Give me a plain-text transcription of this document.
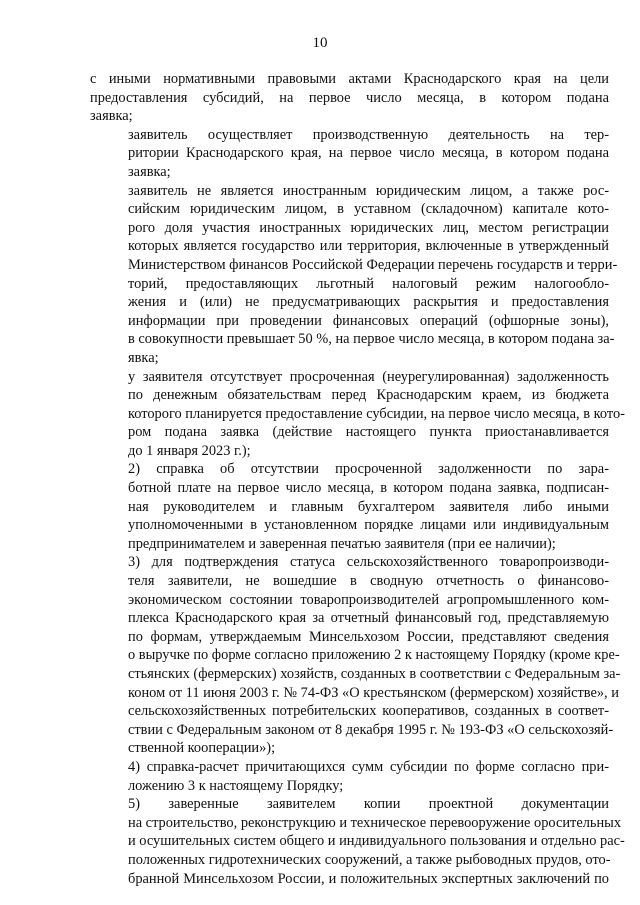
10

с иными нормативными правовыми актами Краснодарского края на цели
предоставления субсидий, на первое число месяца, в котором подана
заявка;

заявитель осуществляет производственную деятельность на тер-
ритории Краснодарского края, на первое число месяца, в котором подана
заявка;

заявитель не является иностранным юридическим лицом, а также рос-
сийским юридическим лицом, в уставном (складочном) капитале кото-
рого доля участия иностранных юридических лиц, местом регистрации
которых является государство или территория, включенные в утвержденный
Министерством финансов Российской Федерации перечень государств и терри-
торий, предоставляющих льготный налоговый режим налогообло-
жения и (или) не предусматривающих раскрытия и предоставления
информации при проведении финансовых операций (офшорные зоны),
в совокупности превышает 50 %, на первое число месяца, в котором подана за-
явка;

у заявителя отсутствует просроченная (неурегулированная) задолженность
по денежным обязательствам перед Краснодарским краем, из бюджета
которого планируется предоставление субсидии, на первое число месяца, в кото-
ром подана заявка (действие настоящего пункта приостанавливается
до 1 января 2023 г.);

2) справка об отсутствии просроченной задолженности по зара-
ботной плате на первое число месяца, в котором подана заявка, подписан-
ная руководителем и главным бухгалтером заявителя либо иными
уполномоченными в установленном порядке лицами или индивидуальным
предпринимателем и заверенная печатью заявителя (при ее наличии);

3) для подтверждения статуса сельскохозяйственного товаропроизводи-
теля заявители, не вошедшие в сводную отчетность о финансово-
экономическом состоянии товаропроизводителей агропромышленного ком-
плекса Краснодарского края за отчетный финансовый год, представляемую
по формам, утверждаемым Минсельхозом России, представляют сведения
о выручке по форме согласно приложению 2 к настоящему Порядку (кроме кре-
стьянских (фермерских) хозяйств, созданных в соответствии с Федеральным за-
коном от 11 июня 2003 г. № 74-ФЗ «О крестьянском (фермерском) хозяйстве», и
сельскохозяйственных потребительских кооперативов, созданных в соответ-
ствии с Федеральным законом от 8 декабря 1995 г. № 193-ФЗ «О сельскохозяй-
ственной кооперации»);

4) справка-расчет причитающихся сумм субсидии по форме согласно при-
ложению 3 к настоящему Порядку;

5) заверенные заявителем копии проектной документации
на строительство, реконструкцию и техническое перевооружение оросительных
и осушительных систем общего и индивидуального пользования и отдельно рас-
положенных гидротехнических сооружений, а также рыбоводных прудов, ото-
бранной Минсельхозом России, и положительных экспертных заключений по
